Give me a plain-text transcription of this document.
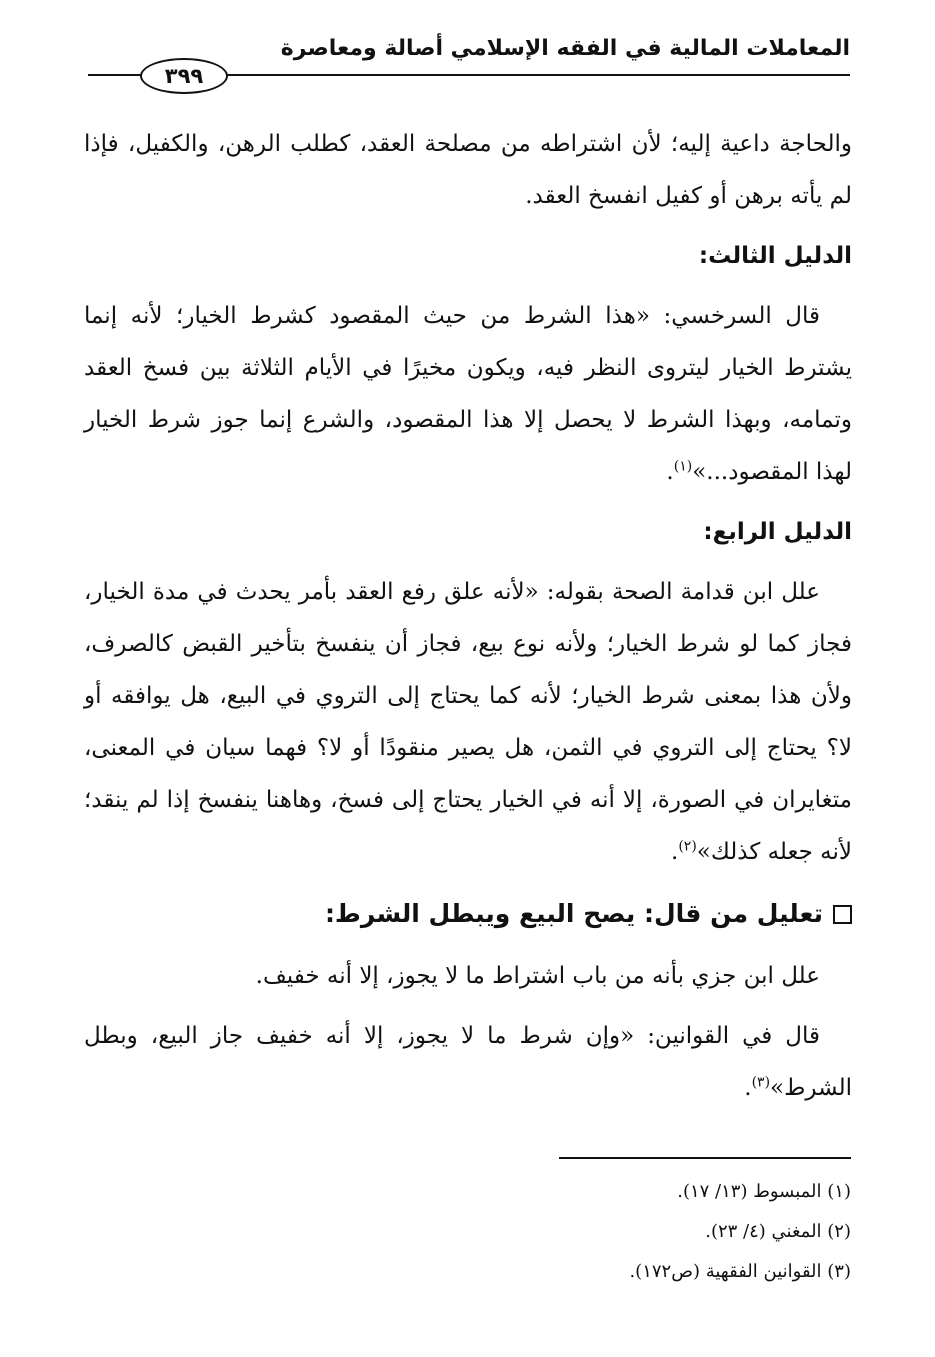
المعاملات المالية في الفقه الإسلامي أصالة ومعاصرة
٣٩٩

والحاجة داعية إليه؛ لأن اشتراطه من مصلحة العقد، كطلب الرهن، والكفيل، فإذا لم يأته برهن أو كفيل انفسخ العقد.

الدليل الثالث:

قال السرخسي: «هذا الشرط من حيث المقصود كشرط الخيار؛ لأنه إنما يشترط الخيار ليتروى النظر فيه، ويكون مخيرًا في الأيام الثلاثة بين فسخ العقد وتمامه، وبهذا الشرط لا يحصل إلا هذا المقصود، والشرع إنما جوز شرط الخيار لهذا المقصود...»$^{(١)}$.

الدليل الرابع:

علل ابن قدامة الصحة بقوله: «لأنه علق رفع العقد بأمر يحدث في مدة الخيار، فجاز كما لو شرط الخيار؛ ولأنه نوع بيع، فجاز أن ينفسخ بتأخير القبض كالصرف، ولأن هذا بمعنى شرط الخيار؛ لأنه كما يحتاج إلى التروي في البيع، هل يوافقه أو لا؟ يحتاج إلى التروي في الثمن، هل يصير منقودًا أو لا؟ فهما سيان في المعنى، متغايران في الصورة، إلا أنه في الخيار يحتاج إلى فسخ، وهاهنا ينفسخ إذا لم ينقد؛ لأنه جعله كذلك»$^{(٢)}$.

تعليل من قال: يصح البيع ويبطل الشرط:

علل ابن جزي بأنه من باب اشتراط ما لا يجوز، إلا أنه خفيف.

قال في القوانين: «وإن شرط ما لا يجوز، إلا أنه خفيف جاز البيع، وبطل الشرط»$^{(٣)}$.

(١) المبسوط (١٣/ ١٧).

(٢) المغني (٤/ ٢٣).

(٣) القوانين الفقهية (ص١٧٢).
